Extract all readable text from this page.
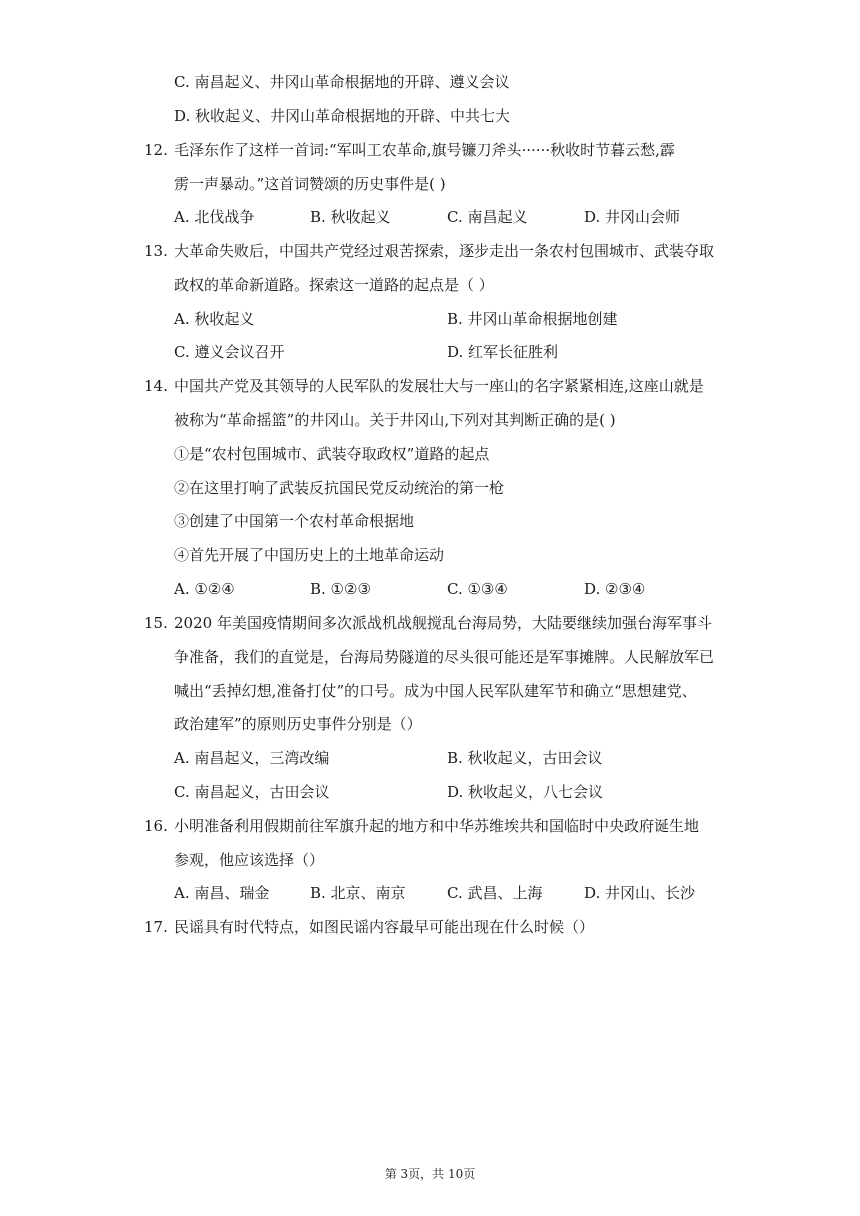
C. 南昌起义、井冈山革命根据地的开辟、遵义会议
D. 秋收起义、井冈山革命根据地的开辟、中共七大
12. 毛泽东作了这样一首词:“军叫工农革命,旗号镰刀斧头······秋收时节暮云愁,霹
雳一声暴动。”这首词赞颂的历史事件是( )
A. 北伐战争	B. 秋收起义	C. 南昌起义	D. 井冈山会师
13. 大革命失败后，中国共产党经过艰苦探索，逐步走出一条农村包围城市、武装夺取
政权的革命新道路。探索这一道路的起点是（ ）
A. 秋收起义	B. 井冈山革命根据地创建
C. 遵义会议召开	D. 红军长征胜利
14. 中国共产党及其领导的人民军队的发展壮大与一座山的名字紧紧相连,这座山就是
被称为“革命摇篮”的井冈山。关于井冈山,下列对其判断正确的是( )
①是“农村包围城市、武装夺取政权”道路的起点
②在这里打响了武装反抗国民党反动统治的第一枪
③创建了中国第一个农村革命根据地
④首先开展了中国历史上的土地革命运动
A. ①②④	B. ①②③	C. ①③④	D. ②③④
15. 2020 年美国疫情期间多次派战机战舰搅乱台海局势，大陆要继续加强台海军事斗
争准备，我们的直觉是，台海局势隧道的尽头很可能还是军事摊牌。人民解放军已
喊出“丢掉幻想,准备打仗”的口号。成为中国人民军队建军节和确立“思想建党、
政治建军”的原则历史事件分别是（）
A. 南昌起义，三湾改编	B. 秋收起义，古田会议
C. 南昌起义，古田会议	D. 秋收起义，八七会议
16. 小明准备利用假期前往军旗升起的地方和中华苏维埃共和国临时中央政府诞生地
参观，他应该选择（）
A. 南昌、瑞金	B. 北京、南京	C. 武昌、上海	D. 井冈山、长沙
17. 民谣具有时代特点，如图民谣内容最早可能出现在什么时候（）
第 3页，共 10页
